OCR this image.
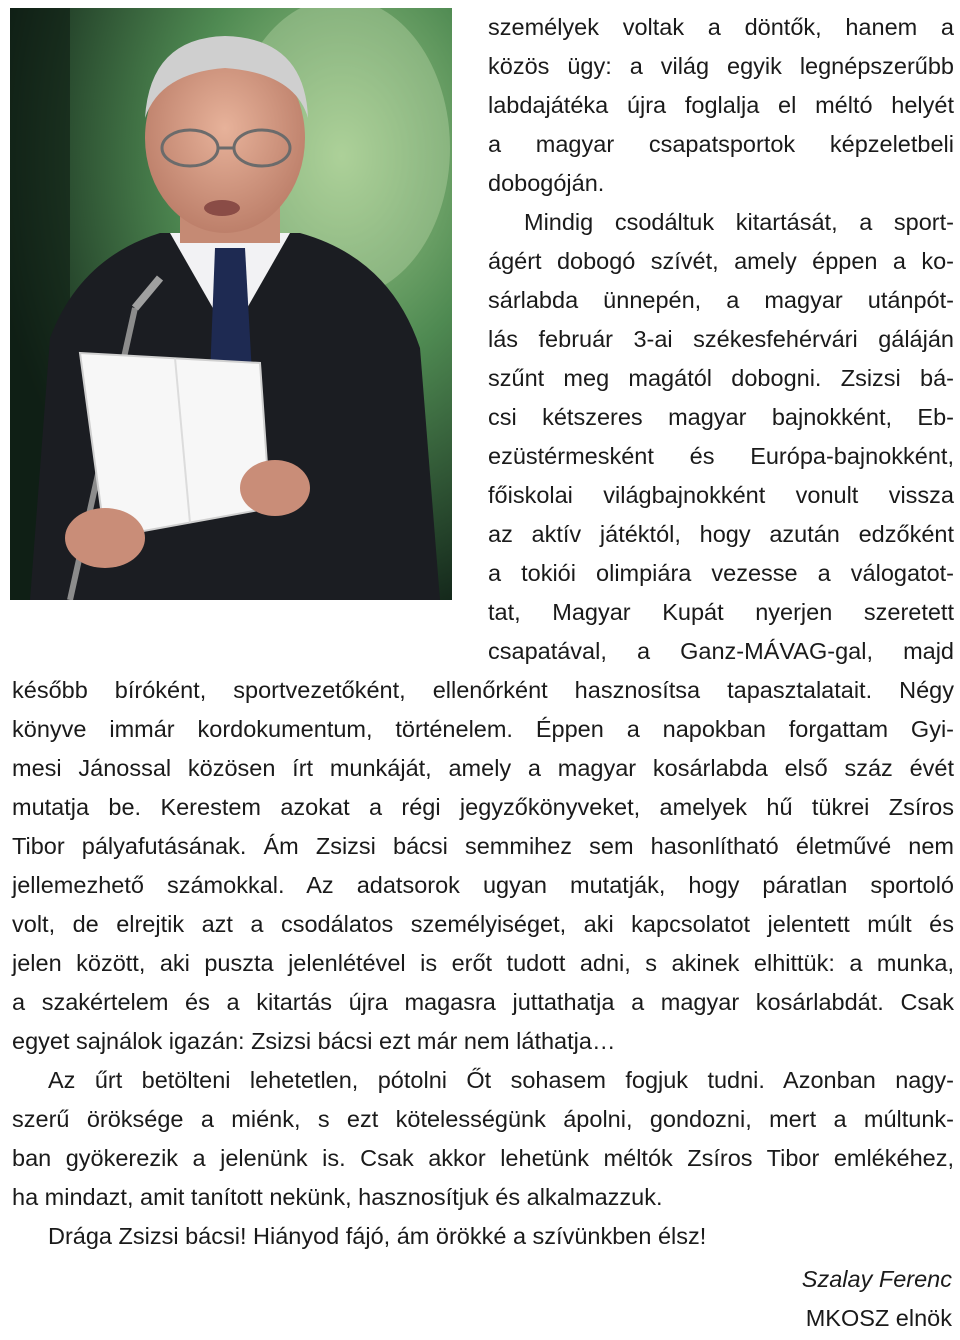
személyek voltak a döntők, hanem a
közös ügy: a világ egyik legnépszerűbb
labdajátéka újra foglalja el méltó helyét
a magyar csapatsportok képzeletbeli
dobogóján.
Mindig csodáltuk kitartását, a sport-
ágért dobogó szívét, amely éppen a ko-
sárlabda ünnepén, a magyar utánpót-
lás február 3-ai székesfehérvári gáláján
szűnt meg magától dobogni. Zsizsi bá-
csi kétszeres magyar bajnokként, Eb-
ezüstérmesként és Európa-bajnokként,
főiskolai világbajnokként vonult vissza
az aktív játéktól, hogy azután edzőként
a tokiói olimpiára vezesse a válogatot-
tat, Magyar Kupát nyerjen szeretett
csapatával, a Ganz-MÁVAG-gal, majd
később bíróként, sportvezetőként, ellenőrként hasznosítsa tapasztalatait. Négy
könyve immár kordokumentum, történelem. Éppen a napokban forgattam Gyi-
mesi Jánossal közösen írt munkáját, amely a magyar kosárlabda első száz évét
mutatja be. Kerestem azokat a régi jegyzőkönyveket, amelyek hű tükrei Zsíros
Tibor pályafutásának. Ám Zsizsi bácsi semmihez sem hasonlítható életművé nem
jellemezhető számokkal. Az adatsorok ugyan mutatják, hogy páratlan sportoló
volt, de elrejtik azt a csodálatos személyiséget, aki kapcsolatot jelentett múlt és
jelen között, aki puszta jelenlétével is erőt tudott adni, s akinek elhittük: a munka,
a szakértelem és a kitartás újra magasra juttathatja a magyar kosárlabdát. Csak
egyet sajnálok igazán: Zsizsi bácsi ezt már nem láthatja…
Az űrt betölteni lehetetlen, pótolni Őt sohasem fogjuk tudni. Azonban nagy-
szerű öröksége a miénk, s ezt kötelességünk ápolni, gondozni, mert a múltunk-
ban gyökerezik a jelenünk is. Csak akkor lehetünk méltók Zsíros Tibor emlékéhez,
ha mindazt, amit tanított nekünk, hasznosítjuk és alkalmazzuk.
Drága Zsizsi bácsi! Hiányod fájó, ám örökké a szívünkben élsz!
Szalay Ferenc
MKOSZ elnök
